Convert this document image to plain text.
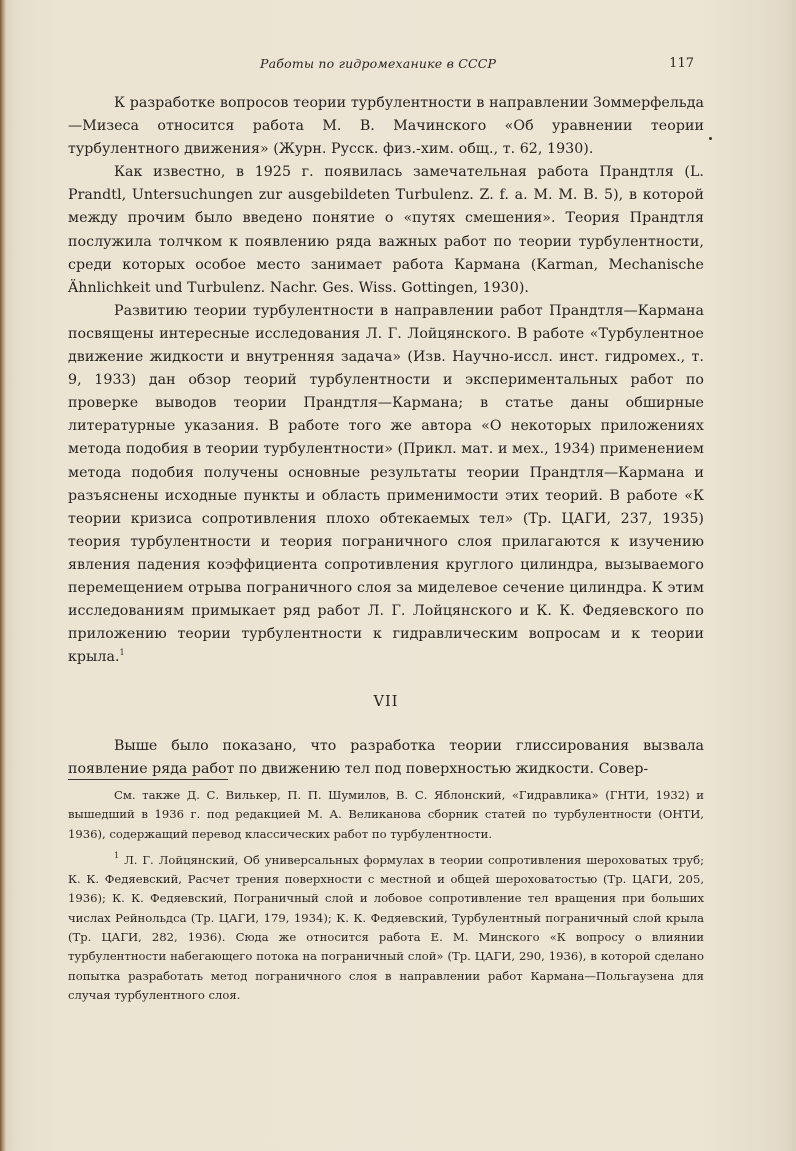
Работы по гидромеханике в СССР	117

К разработке вопросов теории турбулентности в направлении Зоммерфельда—Мизеса относится работа М. В. Мачинского «Об уравнении теории турбулентного движения» (Журн. Русск. физ.-хим. общ., т. 62, 1930).

Как известно, в 1925 г. появилась замечательная работа Прандтля (L. Prandtl, Untersuchungen zur ausgebildeten Turbulenz. Z. f. a. M. M. B. 5), в которой между прочим было введено понятие о «путях смешения». Теория Прандтля послужила толчком к появлению ряда важных работ по теории турбулентности, среди которых особое место занимает работа Кармана (Karman, Mechanische Ähnlichkeit und Turbulenz. Nachr. Ges. Wiss. Gottingen, 1930).

Развитию теории турбулентности в направлении работ Прандтля—Кармана посвящены интересные исследования Л. Г. Лойцянского. В работе «Турбулентное движение жидкости и внутренняя задача» (Изв. Научно-иссл. инст. гидромех., т. 9, 1933) дан обзор теорий турбулентности и экспериментальных работ по проверке выводов теории Прандтля—Кармана; в статье даны обширные литературные указания. В работе того же автора «О некоторых приложениях метода подобия в теории турбулентности» (Прикл. мат. и мех., 1934) применением метода подобия получены основные результаты теории Прандтля—Кармана и разъяснены исходные пункты и область применимости этих теорий. В работе «К теории кризиса сопротивления плохо обтекаемых тел» (Тр. ЦАГИ, 237, 1935) теория турбулентности и теория пограничного слоя прилагаются к изучению явления падения коэффициента сопротивления круглого цилиндра, вызываемого перемещением отрыва пограничного слоя за миделевое сечение цилиндра. К этим исследованиям примыкает ряд работ Л. Г. Лойцянского и К. К. Федяевского по приложению теории турбулентности к гидравлическим вопросам и к теории крыла.$^1$

VII

Выше было показано, что разработка теории глиссирования вызвала появление ряда работ по движению тел под поверхностью жидкости. Совер-

См. также Д. С. Вилькер, П. П. Шумилов, В. С. Яблонский, «Гидравлика» (ГНТИ, 1932) и вышедший в 1936 г. под редакцией М. А. Великанова сборник статей по турбулентности (ОНТИ, 1936), содержащий перевод классических работ по турбулентности.

$^1$ Л. Г. Лойцянский, Об универсальных формулах в теории сопротивления шероховатых труб; К. К. Федяевский, Расчет трения поверхности с местной и общей шероховатостью (Тр. ЦАГИ, 205, 1936); К. К. Федяевский, Пограничный слой и лобовое сопротивление тел вращения при больших числах Рейнольдса (Тр. ЦАГИ, 179, 1934); К. К. Федяевский, Турбулентный пограничный слой крыла (Тр. ЦАГИ, 282, 1936). Сюда же относится работа Е. М. Минского «К вопросу о влиянии турбулентности набегающего потока на пограничный слой» (Тр. ЦАГИ, 290, 1936), в которой сделано попытка разработать метод пограничного слоя в направлении работ Кармана—Польгаузена для случая турбулентного слоя.
